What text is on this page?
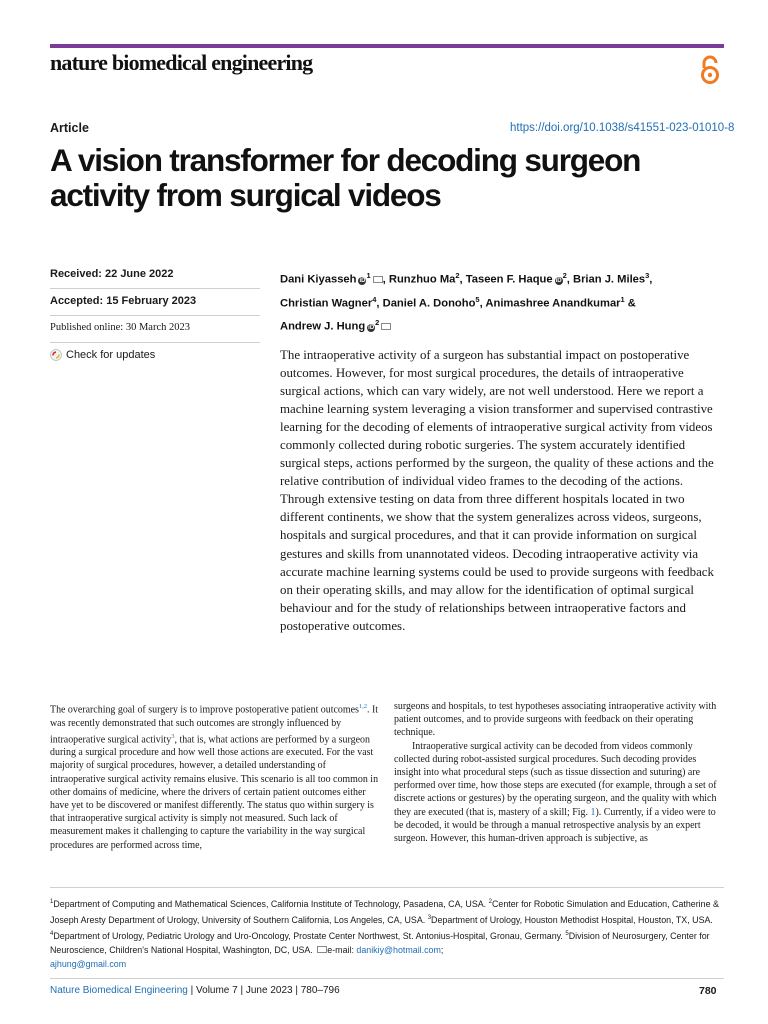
nature biomedical engineering
Article	https://doi.org/10.1038/s41551-023-01010-8
A vision transformer for decoding surgeon activity from surgical videos
Received: 22 June 2022
Accepted: 15 February 2023
Published online: 30 March 2023
Check for updates
Dani Kiyasseh $iD^1$ , Runzhuo Ma$^2$, Taseen F. Haque $iD^2$, Brian J. Miles$^3$,
Christian Wagner$^4$, Daniel A. Donoho$^5$, Animashree Anandkumar$^1$ &
Andrew J. Hung $iD^2$
The intraoperative activity of a surgeon has substantial impact on postoperative outcomes. However, for most surgical procedures, the details of intraoperative surgical actions, which can vary widely, are not well understood. Here we report a machine learning system leveraging a vision transformer and supervised contrastive learning for the decoding of elements of intraoperative surgical activity from videos commonly collected during robotic surgeries. The system accurately identified surgical steps, actions performed by the surgeon, the quality of these actions and the relative contribution of individual video frames to the decoding of the actions. Through extensive testing on data from three different hospitals located in two different continents, we show that the system generalizes across videos, surgeons, hospitals and surgical procedures, and that it can provide information on surgical gestures and skills from unannotated videos. Decoding intraoperative activity via accurate machine learning systems could be used to provide surgeons with feedback on their operating skills, and may allow for the identification of optimal surgical behaviour and for the study of relationships between intraoperative factors and postoperative outcomes.
The overarching goal of surgery is to improve postoperative patient outcomes$^{1,2}$. It was recently demonstrated that such outcomes are strongly influenced by intraoperative surgical activity$^3$, that is, what actions are performed by a surgeon during a surgical procedure and how well those actions are executed. For the vast majority of surgical procedures, however, a detailed understanding of intraoperative surgical activity remains elusive. This scenario is all too common in other domains of medicine, where the drivers of certain patient outcomes either have yet to be discovered or manifest differently. The status quo within surgery is that intraoperative surgical activity is simply not measured. Such lack of measurement makes it challenging to capture the variability in the way surgical procedures are performed across time,
surgeons and hospitals, to test hypotheses associating intraoperative activity with patient outcomes, and to provide surgeons with feedback on their operating technique.
Intraoperative surgical activity can be decoded from videos commonly collected during robot-assisted surgical procedures. Such decoding provides insight into what procedural steps (such as tissue dissection and suturing) are performed over time, how those steps are executed (for example, through a set of discrete actions or gestures) by the operating surgeon, and the quality with which they are executed (that is, mastery of a skill; Fig. 1). Currently, if a video were to be decoded, it would be through a manual retrospective analysis by an expert surgeon. However, this human-driven approach is subjective, as
$^1$Department of Computing and Mathematical Sciences, California Institute of Technology, Pasadena, CA, USA. $^2$Center for Robotic Simulation and Education, Catherine & Joseph Aresty Department of Urology, University of Southern California, Los Angeles, CA, USA. $^3$Department of Urology, Houston Methodist Hospital, Houston, TX, USA. $^4$Department of Urology, Pediatric Urology and Uro-Oncology, Prostate Center Northwest, St. Antonius-Hospital, Gronau, Germany. $^5$Division of Neurosurgery, Center for Neuroscience, Children's National Hospital, Washington, DC, USA. e-mail: danikiy@hotmail.com;
ajhung@gmail.com
Nature Biomedical Engineering | Volume 7 | June 2023 | 780–796	780
